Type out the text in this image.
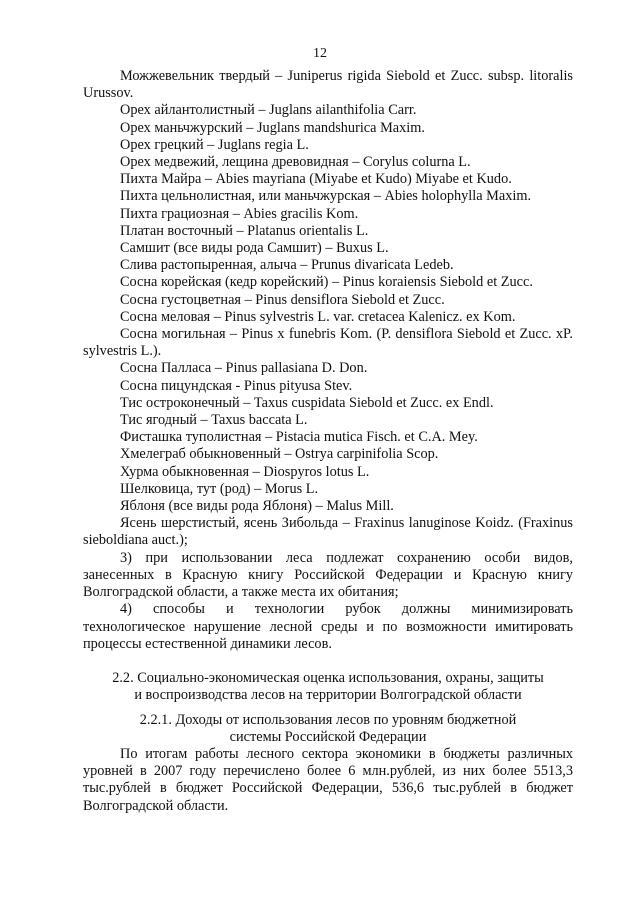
12

Можжевельник твердый – Juniperus rigida Siebold et Zucc. subsp. litoralis Urussov.

Орех айлантолистный – Juglans ailanthifolia Carr.

Орех маньчжурский – Juglans mandshurica Maxim.

Орех грецкий – Juglans regia L.

Орех медвежий, лещина древовидная – Corylus colurna L.

Пихта Майра – Abies mayriana (Miyabe et Kudo) Miyabe et Kudo.

Пихта цельнолистная, или маньчжурская – Abies holophylla Maxim.

Пихта грациозная – Abies gracilis Kom.

Платан восточный – Platanus orientalis L.

Самшит (все виды рода Самшит) – Buxus L.

Слива растопыренная, алыча – Prunus divaricata Ledeb.

Сосна корейская (кедр корейский) – Pinus koraiensis Siebold et Zucc.

Сосна густоцветная – Pinus densiflora Siebold et Zucc.

Сосна меловая – Pinus sylvestris L. var. cretacea Kalenicz. ex Kom.

Сосна могильная – Pinus x funebris Kom. (P. densiflora Siebold et Zucc. xP. sylvestris L.).

Сосна Палласа – Pinus pallasiana D. Don.

Сосна пицундская - Pinus pityusa Stev.

Тис остроконечный – Taxus cuspidata Siebold et Zucc. ex Endl.

Тис ягодный – Taxus baccata L.

Фисташка туполистная – Pistacia mutica Fisch. et C.A. Mey.

Хмелеграб обыкновенный – Ostrya carpinifolia Scop.

Хурма обыкновенная – Diospyros lotus L.

Шелковица, тут (род) – Morus L.

Яблоня (все виды рода Яблоня) – Malus Mill.

Ясень шерстистый, ясень Зибольда – Fraxinus lanuginose Koidz. (Fraxinus sieboldiana auct.);

3) при использовании леса подлежат сохранению особи видов, занесенных в Красную книгу Российской Федерации и Красную книгу Волгоградской области, а также места их обитания;

4) способы и технологии рубок должны минимизировать технологическое нарушение лесной среды и по возможности имитировать процессы естественной динамики лесов.

2.2. Социально-экономическая оценка использования, охраны, защиты

и воспроизводства лесов на территории Волгоградской области

2.2.1. Доходы от использования лесов по уровням бюджетной

системы Российской Федерации

По итогам работы лесного сектора экономики в бюджеты различных уровней в 2007 году перечислено более 6 млн.рублей, из них более 5513,3 тыс.рублей в бюджет Российской Федерации, 536,6 тыс.рублей в бюджет Волгоградской области.
